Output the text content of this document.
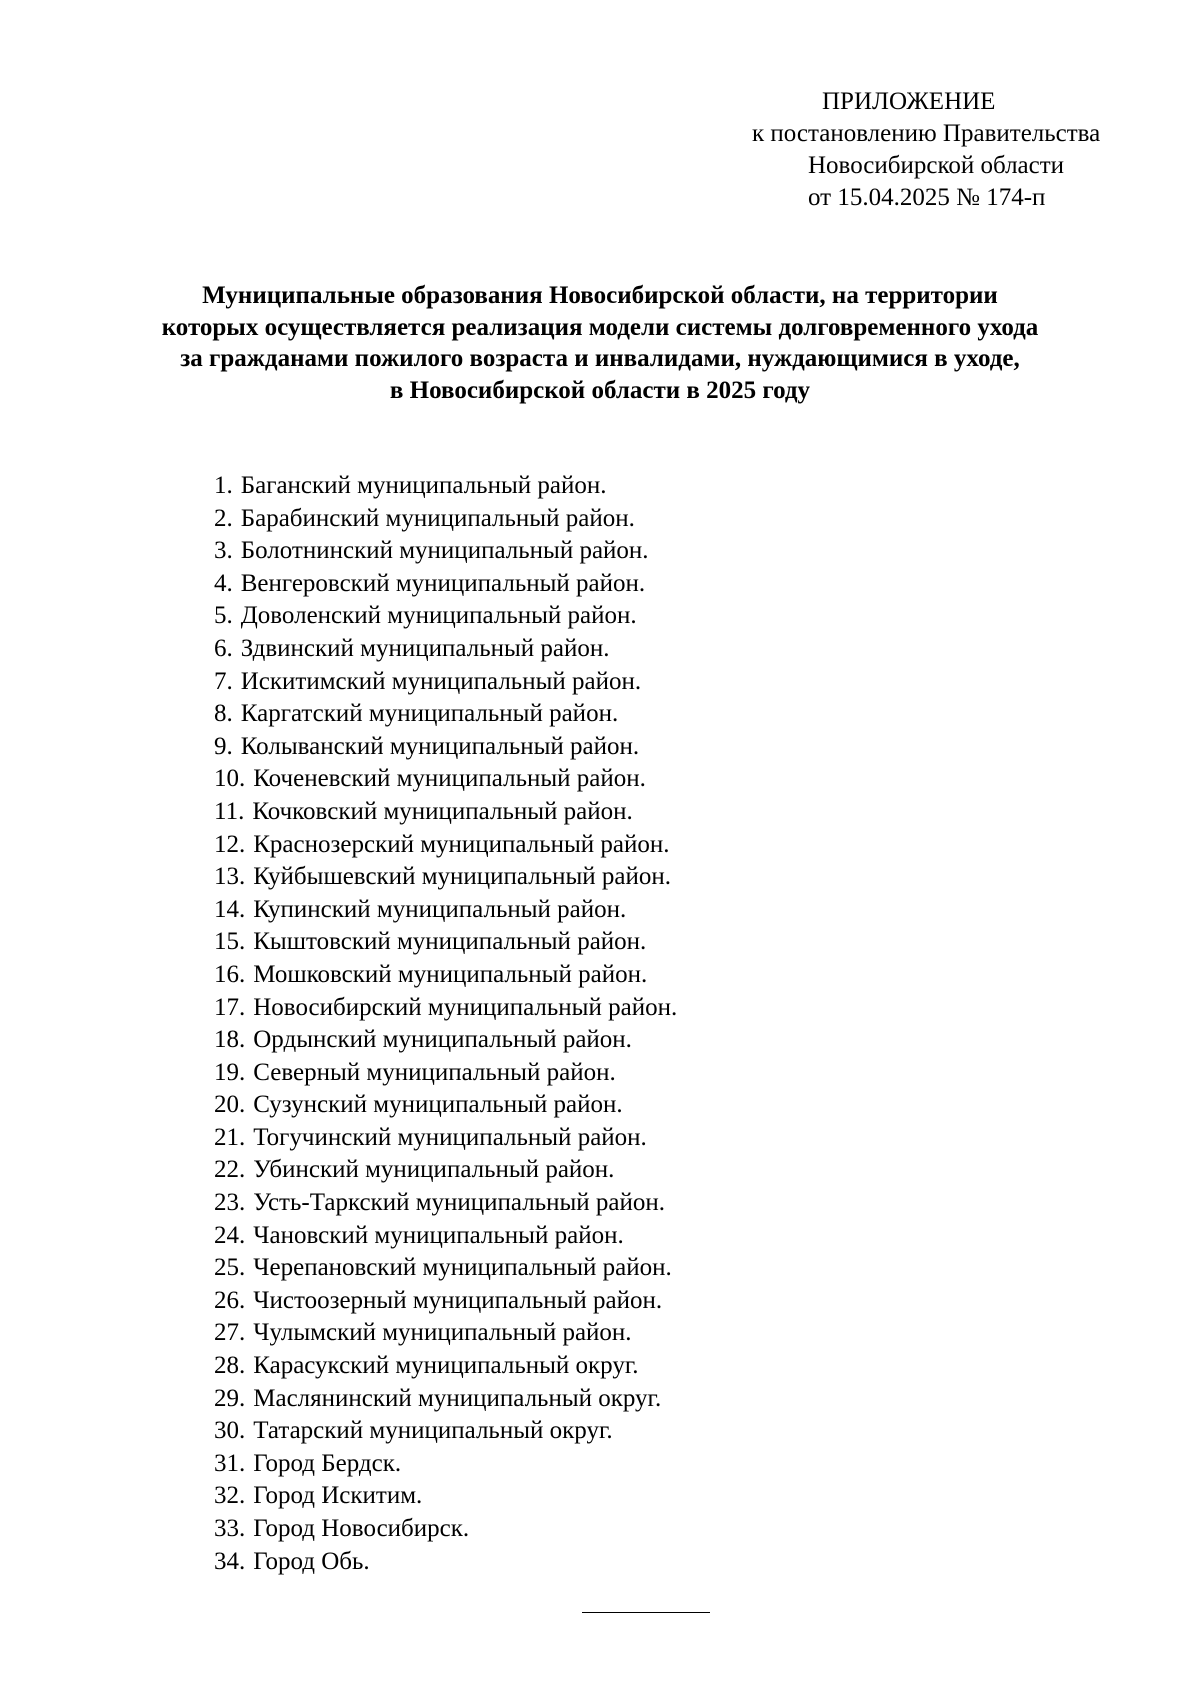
ПРИЛОЖЕНИЕ
к постановлению Правительства
Новосибирской области
от 15.04.2025 № 174-п
Муниципальные образования Новосибирской области, на территории
которых осуществляется реализация модели системы долговременного ухода
за гражданами пожилого возраста и инвалидами, нуждающимися в уходе,
в Новосибирской области в 2025 году
1. Баганский муниципальный район.
2. Барабинский муниципальный район.
3. Болотнинский муниципальный район.
4. Венгеровский муниципальный район.
5. Доволенский муниципальный район.
6. Здвинский муниципальный район.
7. Искитимский муниципальный район.
8. Каргатский муниципальный район.
9. Колыванский муниципальный район.
10. Коченевский муниципальный район.
11. Кочковский муниципальный район.
12. Краснозерский муниципальный район.
13. Куйбышевский муниципальный район.
14. Купинский муниципальный район.
15. Кыштовский муниципальный район.
16. Мошковский муниципальный район.
17. Новосибирский муниципальный район.
18. Ордынский муниципальный район.
19. Северный муниципальный район.
20. Сузунский муниципальный район.
21. Тогучинский муниципальный район.
22. Убинский муниципальный район.
23. Усть-Таркский муниципальный район.
24. Чановский муниципальный район.
25. Черепановский муниципальный район.
26. Чистоозерный муниципальный район.
27. Чулымский муниципальный район.
28. Карасукский муниципальный округ.
29. Маслянинский муниципальный округ.
30. Татарский муниципальный округ.
31. Город Бердск.
32. Город Искитим.
33. Город Новосибирск.
34. Город Обь.
